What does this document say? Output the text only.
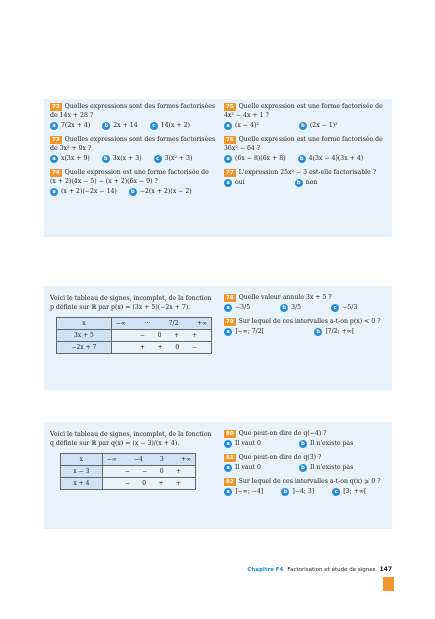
72 Quelles expressions sont des formes factorisées de 14x + 28 ?
a 7(2x + 4)	b 2x + 14	c 14(x + 2)
73 Quelles expressions sont des formes factorisées de 3x² + 9x ?
a x(3x + 9)	b 3x(x + 3)	c 3(x² + 3)
74 Quelle expression est une forme factorisée de (x + 2)(4x − 5) − (x + 2)(6x − 9) ?
a (x + 2)(−2x − 14)	b −2(x + 2)(x − 2)
75 Quelle expression est une forme factorisée de 4x² − 4x + 1 ?
a (x − 4)²	b (2x − 1)²
76 Quelle expression est une forme factorisée de 36x² − 64 ?
a (6x − 8)(6x + 8)	b 4(3x − 4)(3x + 4)
77 L'expression 25x² − 3 est-elle factorisable ?
a oui	b non
Voici le tableau de signes, incomplet, de la fonction p définie sur ℝ par p(x) = (3x + 5)(−2x + 7).
x	−∞ ··· 7/2 +∞

3x + 5	− 0 + +

−2x + 7	+ + 0 −
78 Quelle valeur annule 3x + 5 ?
a −3/5	b 3/5	c −5/3
79 Sur lequel de ces intervalles a-t-on p(x) < 0 ?
a ]−∞; 7/2[	b ]7/2; +∞[
Voici le tableau de signes, incomplet, de la fonction q définie sur ℝ par q(x) = (x − 3)/(x + 4).
x	−∞ −4 3 +∞

x − 3	− − 0 +

x + 4	− 0 + +
80 Que peut-on dire de q(−4) ?
a Il vaut 0	b Il n'existe pas
81 Que peut-on dire de q(3) ?
a Il vaut 0	b Il n'existe pas
82 Sur lequel de ces intervalles a-t-on q(x) ⩾ 0 ?
a ]−∞; −4]	b ]−4; 3]	c [3; +∞[
Chapitre F4 Factorisation et étude de signes 147
